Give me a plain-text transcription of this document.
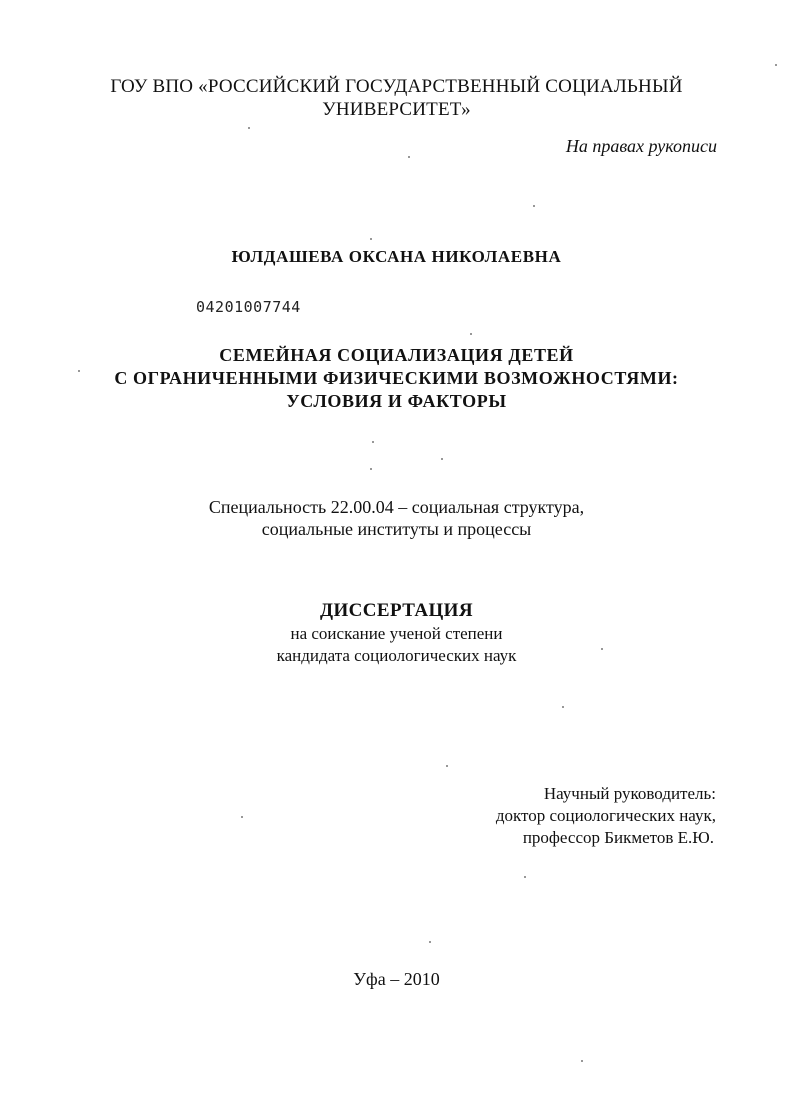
ГОУ ВПО «РОССИЙСКИЙ ГОСУДАРСТВЕННЫЙ СОЦИАЛЬНЫЙ
УНИВЕРСИТЕТ»
На правах рукописи
ЮЛДАШЕВА ОКСАНА НИКОЛАЕВНА
04201007744
СЕМЕЙНАЯ СОЦИАЛИЗАЦИЯ ДЕТЕЙ
С ОГРАНИЧЕННЫМИ ФИЗИЧЕСКИМИ ВОЗМОЖНОСТЯМИ:
УСЛОВИЯ И ФАКТОРЫ
Специальность 22.00.04 – социальная структура,
социальные институты и процессы
ДИССЕРТАЦИЯ
на соискание ученой степени
кандидата социологических наук
Научный руководитель:
доктор социологических наук,
профессор Бикметов Е.Ю.
Уфа – 2010
